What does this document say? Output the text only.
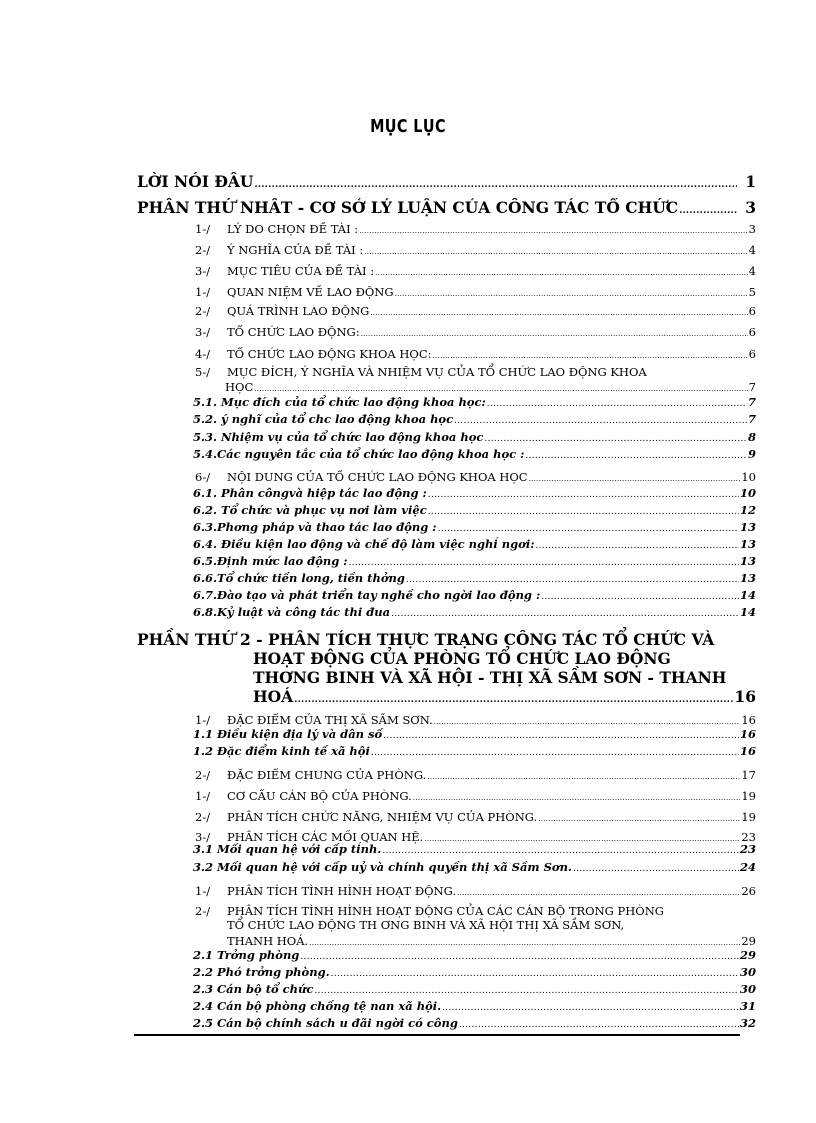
MỤC LỤC
LỜI NÓI ĐẦU .....	1
PHẦN THỨ NHẤT - CƠ SỞ LÝ LUẬN CỦA CÔNG TÁC TỔ CHỨC .....	3
1-/ LÝ DO CHỌN ĐỀ TÀI : .....	3
2-/ Ý NGHĨA CỦA ĐỀ TÀI : .....	4
3-/ MỤC TIÊU CỦA ĐỀ TÀI : .....	4
1-/ QUAN NIỆM VỀ LAO ĐỘNG .....	5
2-/ QUÁ TRÌNH LAO ĐỘNG .....	6
3-/ TỔ CHỨC LAO ĐỘNG: .....	6
4-/ TỔ CHỨC LAO ĐỘNG KHOA HỌC: .....	6
5-/ MỤC ĐÍCH, Ý NGHĨA VÀ NHIỆM VỤ CỦA TỔ CHỨC LAO ĐỘNG KHOA
HỌC .....	7
5.1. Mục đích của tổ chức lao động khoa học: .....	7
5.2. ý nghĩ của tổ chc lao động khoa học .....	7
5.3. Nhiệm vụ của tổ chức lao động khoa học .....	8
5.4.Các nguyên tắc của tổ chức lao động khoa học : .....	9
6-/ NỘI DUNG CỦA TỔ CHỨC LAO ĐỘNG KHOA HỌC .....	10
6.1. Phân côngvà hiệp tác lao động : .....	10
6.2. Tổ chức và phục vụ nơi làm việc .....	12
6.3.Phơng pháp và thao tác lao động : .....	13
6.4. Điều kiện lao động và chế độ làm việc nghỉ ngơi: .....	13
6.5.Định mức lao động : .....	13
6.6.Tổ chức tiền long, tiền thởng .....	13
6.7.Đào tạo và phát triển tay nghề cho ngời lao động : .....	14
6.8.Kỷ luật và công tác thi đua .....	14
PHẦN THỨ 2 - PHÂN TÍCH THỰC TRẠNG CÔNG TÁC TỔ CHỨC VÀ
HOẠT ĐỘNG CỦA PHÒNG TỔ CHỨC LAO ĐỘNG
THƠNG BINH VÀ XÃ HỘI - THỊ XÃ SẦM SƠN - THANH
HOÁ .....	16
1-/ ĐẶC ĐIỂM CỦA THỊ XÃ SẦM SƠN. .....	16
1.1 Điều kiện địa lý và dân số .....	16
1.2 Đặc điểm kinh tế xã hội .....	16
2-/ ĐẶC ĐIỂM CHUNG CỦA PHÒNG. .....	17
1-/ CƠ CẤU CÁN BỘ CỦA PHÒNG. .....	19
2-/ PHÂN TÍCH CHỨC NĂNG, NHIỆM VỤ CỦA PHÒNG. .....	19
3-/ PHÂN TÍCH CÁC MỐI QUAN HỆ. .....	23
3.1 Mối quan hệ với cấp tỉnh. .....	23
3.2 Mối quan hệ với cấp uỷ và chính quyền thị xã Sầm Sơn. .....	24
1-/ PHÂN TÍCH TÌNH HÌNH HOẠT ĐỘNG. .....	26
2-/ PHÂN TÍCH TÌNH HÌNH HOẠT ĐỘNG CỦA CÁC CÁN BỘ TRONG PHÒNG
TỔ CHỨC LAO ĐỘNG TH ƠNG BINH VÀ XÃ HỘI THỊ XÃ SẦM SƠN,
THANH HOÁ. .....	29
2.1 Trởng phòng .....	29
2.2 Phó trởng phòng. .....	30
2.3 Cán bộ tổ chức .....	30
2.4 Cán bộ phòng chống tệ nan xã hội. .....	31
2.5 Cán bộ chính sách u đãi ngời có công .....	32
